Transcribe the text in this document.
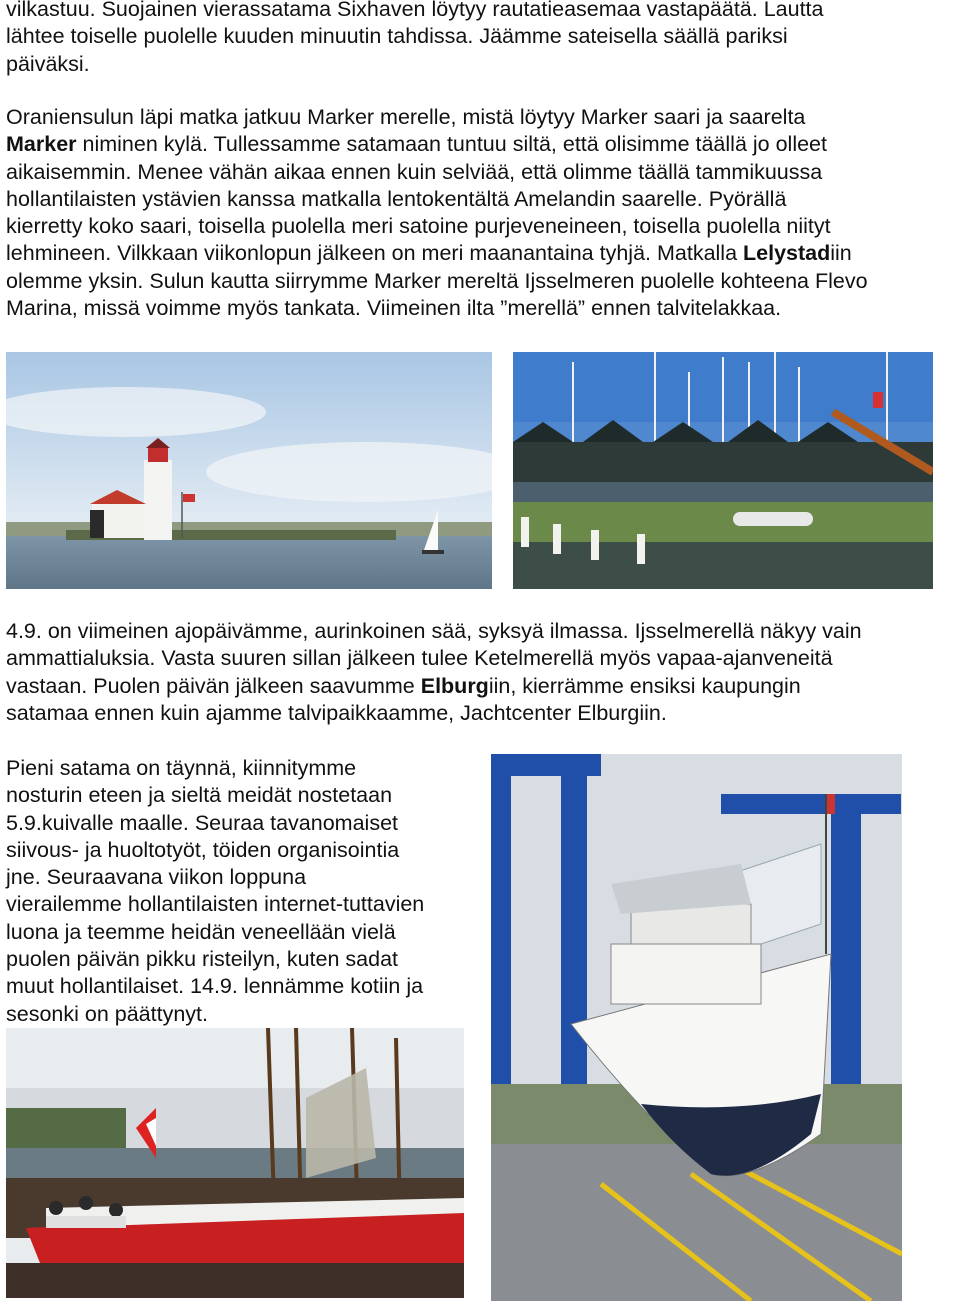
vilkastuu. Suojainen vierassatama Sixhaven löytyy rautatieasemaa vastapäätä. Lautta
lähtee toiselle puolelle kuuden minuutin tahdissa. Jäämme sateisella säällä pariksi
päiväksi.
Oraniensulun läpi matka jatkuu Marker merelle, mistä löytyy Marker saari ja saarelta
Marker niminen kylä. Tullessamme satamaan tuntuu siltä, että olisimme täällä jo olleet
aikaisemmin. Menee vähän aikaa ennen kuin selviää, että olimme täällä tammikuussa
hollantilaisten ystävien kanssa matkalla lentokentältä Amelandin saarelle. Pyörällä
kierretty koko saari, toisella puolella meri satoine purjeveneineen, toisella puolella niityt
lehmineen. Vilkkaan viikonlopun jälkeen on meri maanantaina tyhjä. Matkalla Lelystadiin
olemme yksin. Sulun kautta siirrymme Marker mereltä Ijsselmeren puolelle kohteena Flevo
Marina, missä voimme myös tankata. Viimeinen ilta ”merellä” ennen talvitelakkaa.
4.9. on viimeinen ajopäivämme, aurinkoinen sää, syksyä ilmassa. Ijsselmerellä näkyy vain
ammattialuksia. Vasta suuren sillan jälkeen tulee Ketelmerellä myös vapaa-ajanveneitä
vastaan. Puolen päivän jälkeen saavumme Elburgiin, kierrämme ensiksi kaupungin
satamaa ennen kuin ajamme talvipaikkaamme, Jachtcenter Elburgiin.
Pieni satama on täynnä, kiinnitymme
nosturin eteen ja sieltä meidät nostetaan
5.9.kuivalle maalle. Seuraa tavanomaiset
siivous- ja huoltotyöt, töiden organisointia
jne. Seuraavana viikon loppuna
vierailemme hollantilaisten internet-tuttavien
luona ja teemme heidän veneellään vielä
puolen päivän pikku risteilyn, kuten sadat
muut hollantilaiset. 14.9. lennämme kotiin ja
sesonki on päättynyt.
